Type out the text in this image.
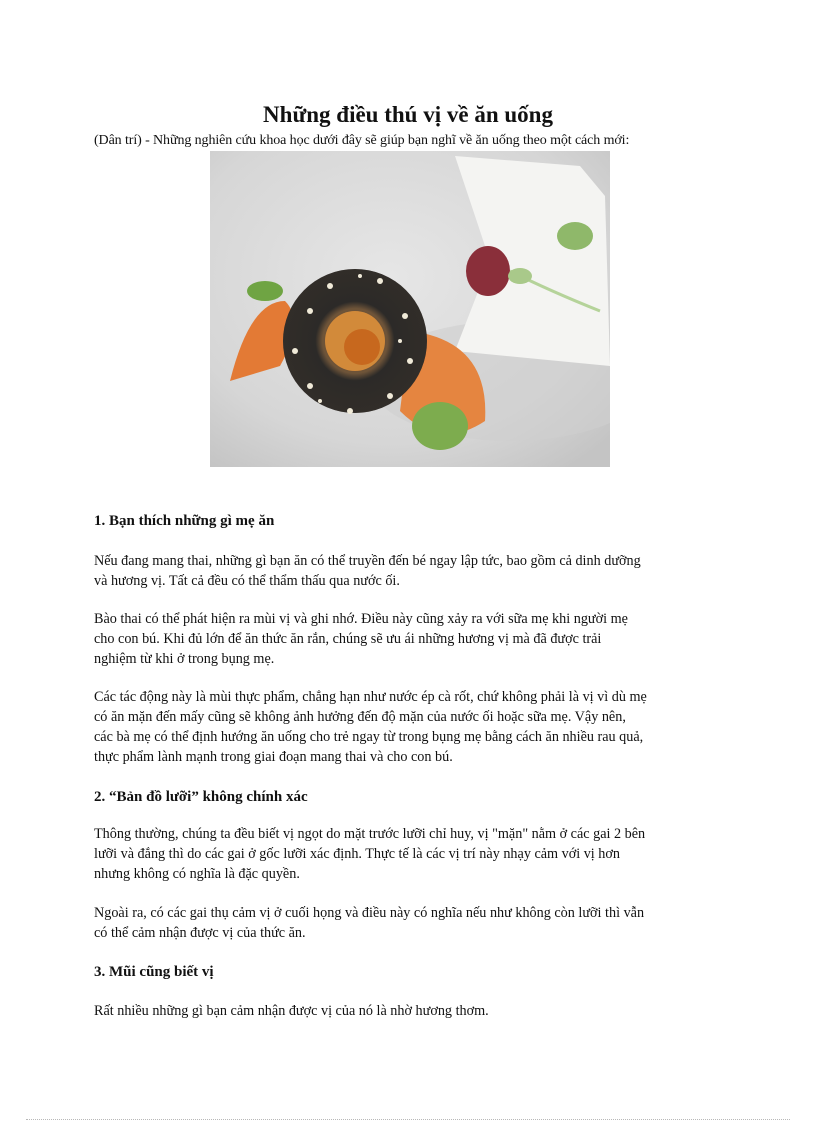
Những điều thú vị về ăn uống
(Dân trí) - Những nghiên cứu khoa học dưới đây sẽ giúp bạn nghĩ về ăn uống theo một cách mới:
1. Bạn thích những gì mẹ ăn

Nếu đang mang thai, những gì bạn ăn có thể truyền đến bé ngay lập tức, bao gồm cả dinh dưỡng
và hương vị. Tất cả đều có thể thẩm thấu qua nước ối.

Bào thai có thể phát hiện ra mùi vị và ghi nhớ. Điều này cũng xảy ra với sữa mẹ khi người mẹ
cho con bú. Khi đủ lớn để ăn thức ăn rắn, chúng sẽ ưu ái những hương vị mà đã được trải
nghiệm từ khi ở trong bụng mẹ.

Các tác động này là mùi thực phẩm, chẳng hạn như nước ép cà rốt, chứ không phải là vị vì dù mẹ
có ăn mặn đến mấy cũng sẽ không ảnh hưởng đến độ mặn của nước ối hoặc sữa mẹ. Vậy nên,
các bà mẹ có thể định hướng ăn uống cho trẻ ngay từ trong bụng mẹ bằng cách ăn nhiều rau quả,
thực phẩm lành mạnh trong giai đoạn mang thai và cho con bú.

2. “Bản đồ lưỡi” không chính xác

Thông thường, chúng ta đều biết vị ngọt do mặt trước lưỡi chỉ huy, vị "mặn" nằm ở các gai 2 bên
lưỡi và đắng thì do các gai ở gốc lưỡi xác định. Thực tế là các vị trí này nhạy cảm với vị hơn
nhưng không có nghĩa là đặc quyền.

Ngoài ra, có các gai thụ cảm vị ở cuối họng và điều này có nghĩa nếu như không còn lưỡi thì vẫn
có thể cảm nhận được vị của thức ăn.

3. Mũi cũng biết vị

Rất nhiều những gì bạn cảm nhận được vị của nó là nhờ hương thơm.
